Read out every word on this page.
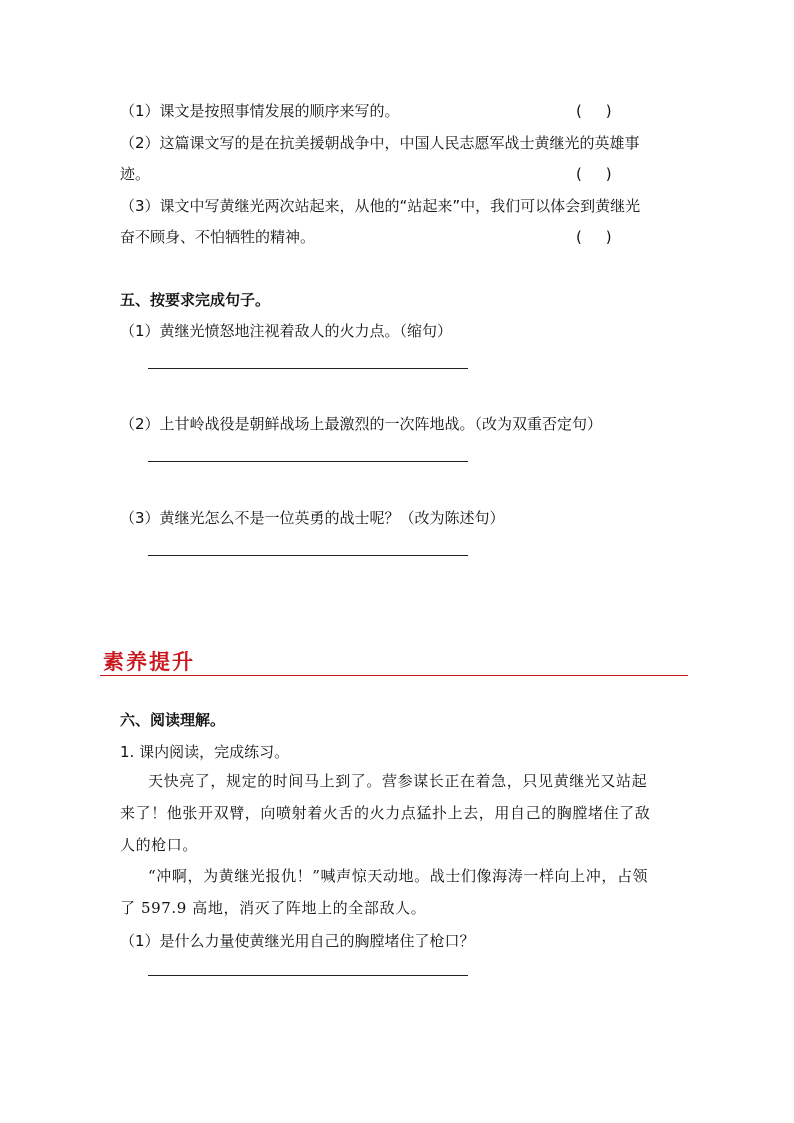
（1）课文是按照事情发展的顺序来写的。	(     )
（2）这篇课文写的是在抗美援朝战争中，中国人民志愿军战士黄继光的英雄事
迹。	(     )
（3）课文中写黄继光两次站起来，从他的“站起来”中，我们可以体会到黄继光
奋不顾身、不怕牺牲的精神。	(     )
五、按要求完成句子。
（1）黄继光愤怒地注视着敌人的火力点。（缩句）
（2）上甘岭战役是朝鲜战场上最激烈的一次阵地战。（改为双重否定句）
（3）黄继光怎么不是一位英勇的战士呢？（改为陈述句）
素养提升
六、阅读理解。
1. 课内阅读，完成练习。
天快亮了，规定的时间马上到了。营参谋长正在着急，只见黄继光又站起
来了！他张开双臂，向喷射着火舌的火力点猛扑上去，用自己的胸膛堵住了敌
人的枪口。
“冲啊，为黄继光报仇！”喊声惊天动地。战士们像海涛一样向上冲，占领
了 597.9 高地，消灭了阵地上的全部敌人。
（1）是什么力量使黄继光用自己的胸膛堵住了枪口？
